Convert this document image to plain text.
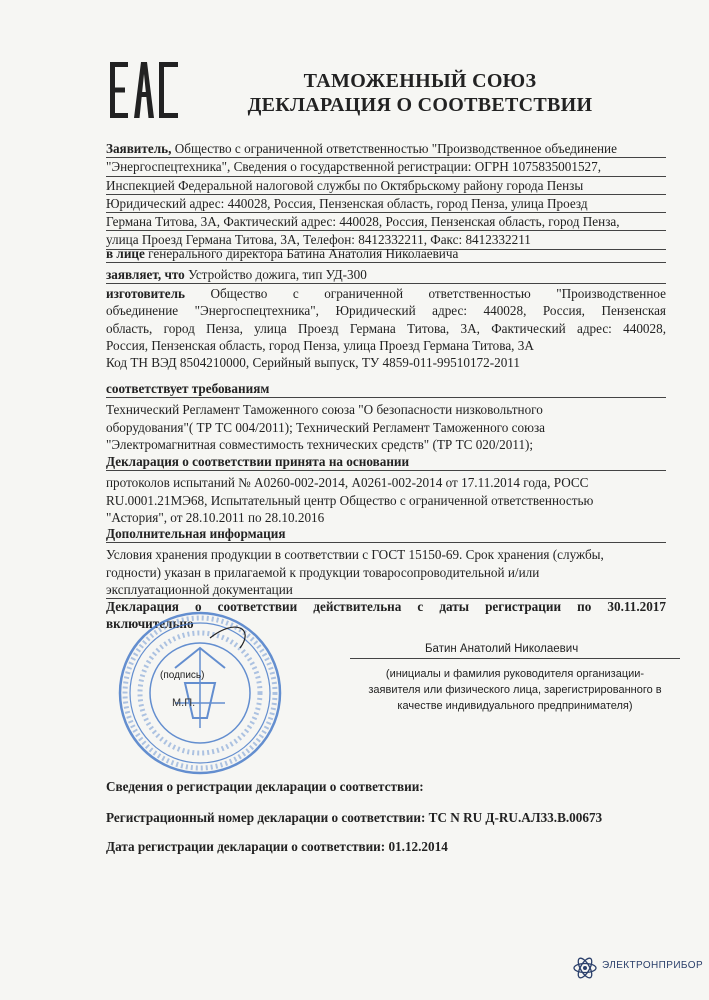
ТАМОЖЕННЫЙ СОЮЗ
ДЕКЛАРАЦИЯ О СООТВЕТСТВИИ
Заявитель, Общество с ограниченной ответственностью "Производственное объединение
"Энергоспецтехника", Сведения о государственной регистрации: ОГРН 1075835001527,
Инспекцией Федеральной налоговой службы по Октябрьскому району города Пензы
Юридический адрес: 440028, Россия, Пензенская область, город Пенза, улица Проезд
Германа Титова, 3А, Фактический адрес: 440028, Россия, Пензенская область, город Пенза,
улица Проезд Германа Титова, 3А, Телефон: 8412332211, Факс: 8412332211
в лице генерального директора Батина Анатолия Николаевича
заявляет, что Устройство дожига, тип УД-300
изготовитель Общество с ограниченной ответственностью "Производственное
объединение "Энергоспецтехника", Юридический адрес: 440028, Россия, Пензенская
область, город Пенза, улица Проезд Германа Титова, 3А, Фактический адрес: 440028,
Россия, Пензенская область, город Пенза, улица Проезд Германа Титова, 3А
Код ТН ВЭД 8504210000, Серийный выпуск, ТУ 4859-011-99510172-2011
соответствует требованиям
Технический Регламент Таможенного союза "О безопасности низковольтного
оборудования"( ТР ТС 004/2011); Технический Регламент Таможенного союза
"Электромагнитная совместимость технических средств" (ТР ТС 020/2011);
Декларация о соответствии принята на основании
протоколов испытаний № А0260-002-2014, А0261-002-2014 от 17.11.2014 года, РОСС
RU.0001.21МЭ68, Испытательный центр Общество с ограниченной ответственностью
"Астория", от 28.10.2011 по 28.10.2016
Дополнительная информация
Условия хранения продукции в соответствии с ГОСТ 15150-69. Срок хранения (службы,
годности) указан в прилагаемой к продукции товаросопроводительной и/или
эксплуатационной документации
Декларация о соответствии действительна с даты регистрации по 30.11.2017
включительно
(подпись)
М.П.
Батин Анатолий Николаевич
(инициалы и фамилия руководителя организации-
заявителя или физического лица, зарегистрированного в
качестве индивидуального предпринимателя)
Сведения о регистрации декларации о соответствии:
Регистрационный номер декларации о соответствии: ТС N RU Д-RU.АЛ33.В.00673
Дата регистрации декларации о соответствии: 01.12.2014
ЭЛЕКТРОНПРИБОР
